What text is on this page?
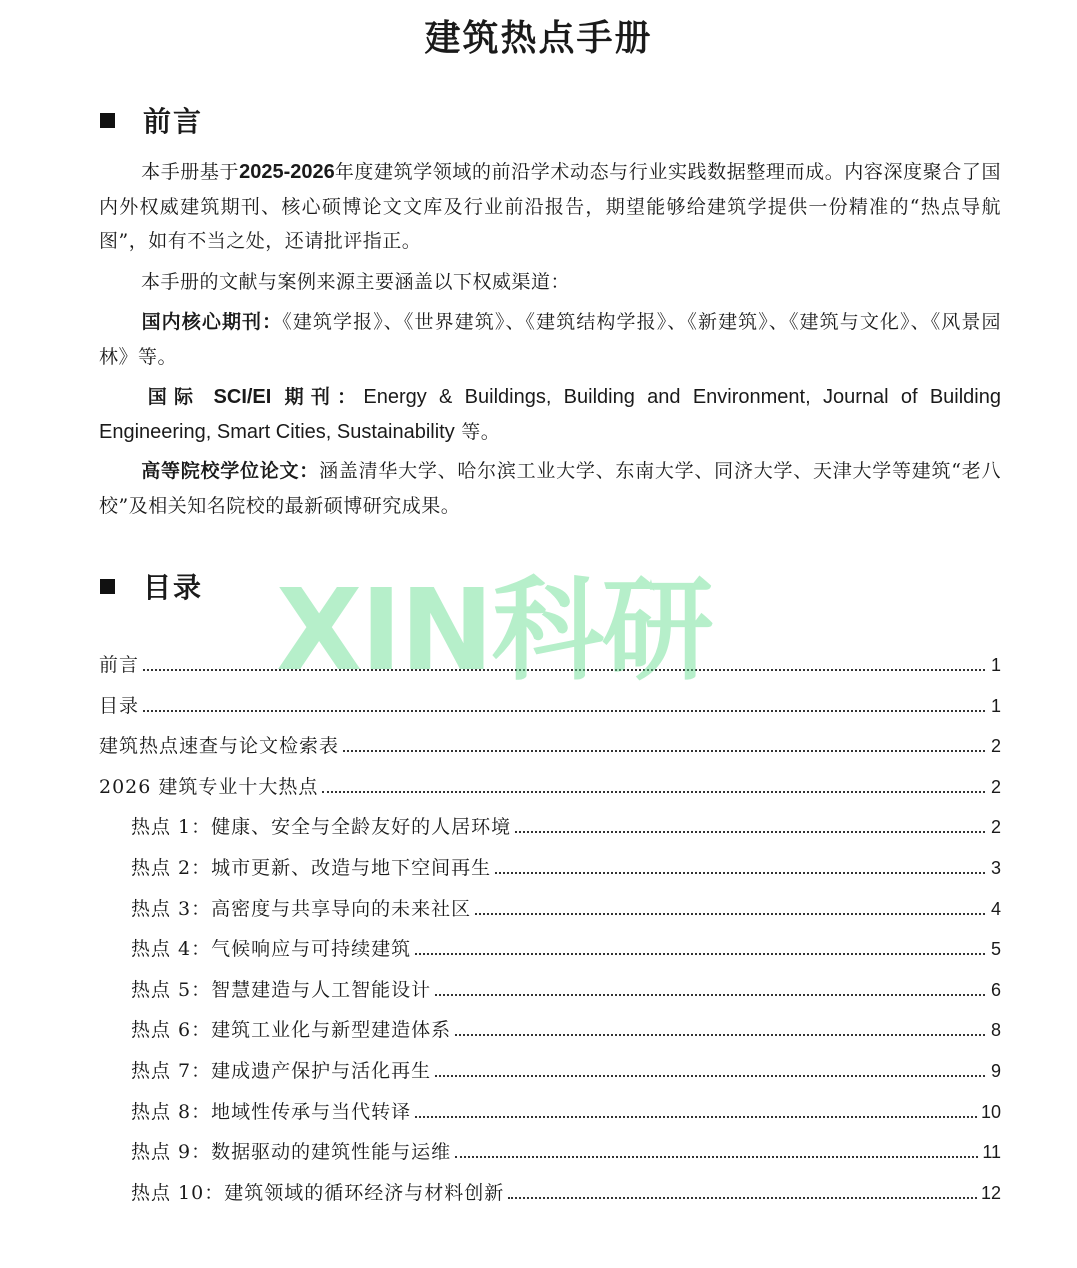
建筑热点手册
前言
本手册基于2025-2026年度建筑学领域的前沿学术动态与行业实践数据整理而成。内容深度聚合了国内外权威建筑期刊、核心硕博论文文库及行业前沿报告，期望能够给建筑学提供一份精准的“热点导航图”，如有不当之处，还请批评指正。
本手册的文献与案例来源主要涵盖以下权威渠道：
国内核心期刊：《建筑学报》、《世界建筑》、《建筑结构学报》、《新建筑》、《建筑与文化》、《风景园林》等。
国际 SCI/EI 期刊：Energy & Buildings, Building and Environment, Journal of Building Engineering, Smart Cities, Sustainability 等。
高等院校学位论文：涵盖清华大学、哈尔滨工业大学、东南大学、同济大学、天津大学等建筑“老八校”及相关知名院校的最新硕博研究成果。
目录
前言	1
目录	1
建筑热点速查与论文检索表	2
2026 建筑专业十大热点	2
热点 1：健康、安全与全龄友好的人居环境	2
热点 2：城市更新、改造与地下空间再生	3
热点 3：高密度与共享导向的未来社区	4
热点 4：气候响应与可持续建筑	5
热点 5：智慧建造与人工智能设计	6
热点 6：建筑工业化与新型建造体系	8
热点 7：建成遗产保护与活化再生	9
热点 8：地域性传承与当代转译	10
热点 9：数据驱动的建筑性能与运维	11
热点 10：建筑领域的循环经济与材料创新	12
XIN科研
